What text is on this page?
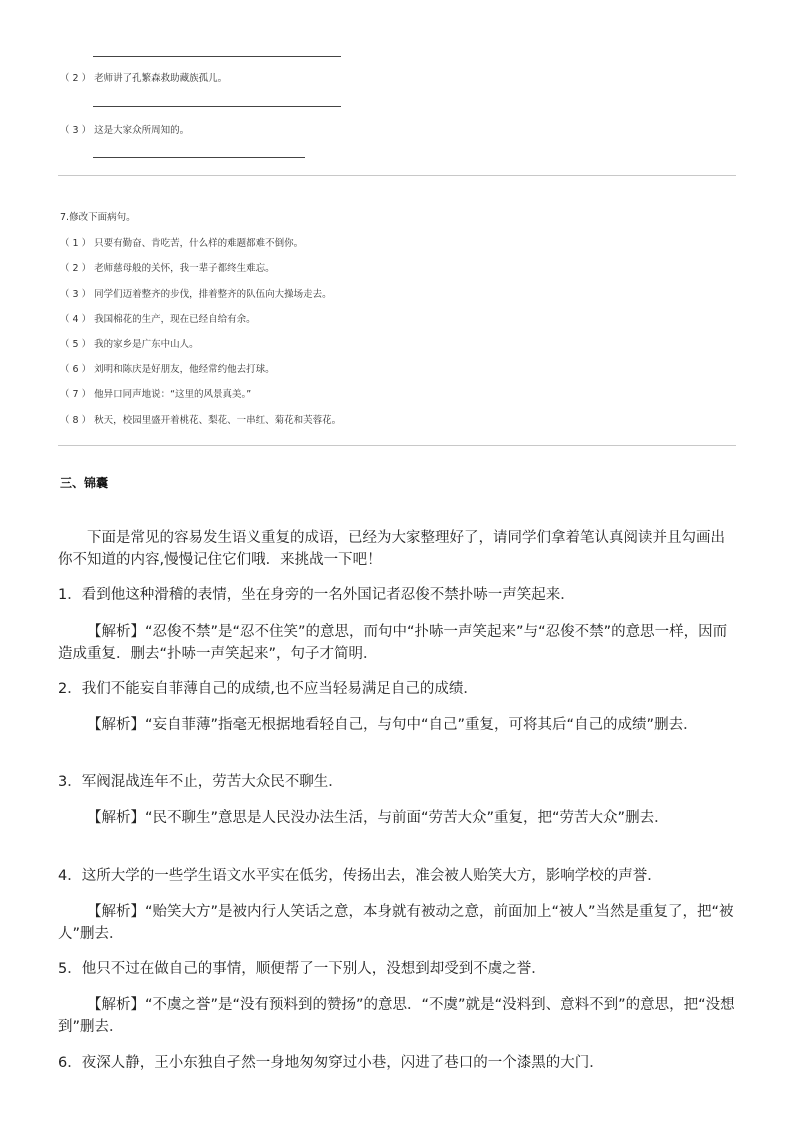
（ 2 ） 老师讲了孔繁森救助藏族孤儿。
（ 3 ） 这是大家众所周知的。
7.修改下面病句。
（ 1 ） 只要有勤奋、肯吃苦，什么样的难题都难不倒你。
（ 2 ） 老师慈母般的关怀，我一辈子都终生难忘。
（ 3 ） 同学们迈着整齐的步伐，排着整齐的队伍向大操场走去。
（ 4 ） 我国棉花的生产，现在已经自给有余。
（ 5 ） 我的家乡是广东中山人。
（ 6 ） 刘明和陈庆是好朋友，他经常约他去打球。
（ 7 ） 他异口同声地说：“这里的风景真美。”
（ 8 ） 秋天，校园里盛开着桃花、梨花、一串红、菊花和芙蓉花。
三、锦囊
下面是常见的容易发生语义重复的成语，已经为大家整理好了，请同学们拿着笔认真阅读并且勾画出你不知道的内容,慢慢记住它们哦．来挑战一下吧！
1．看到他这种滑稽的表情，坐在身旁的一名外国记者忍俊不禁扑哧一声笑起来．
【解析】“忍俊不禁”是“忍不住笑”的意思，而句中“扑哧一声笑起来”与“忍俊不禁”的意思一样，因而造成重复．删去“扑哧一声笑起来”，句子才简明．
2．我们不能妄自菲薄自己的成绩,也不应当轻易满足自己的成绩．
【解析】“妄自菲薄”指毫无根据地看轻自己，与句中“自己”重复，可将其后“自己的成绩”删去．
3．军阀混战连年不止，劳苦大众民不聊生．
【解析】“民不聊生”意思是人民没办法生活，与前面“劳苦大众”重复，把“劳苦大众”删去．
4．这所大学的一些学生语文水平实在低劣，传扬出去，准会被人贻笑大方，影响学校的声誉．
【解析】“贻笑大方”是被内行人笑话之意，本身就有被动之意，前面加上“被人”当然是重复了，把“被人”删去．
5．他只不过在做自己的事情，顺便帮了一下别人，没想到却受到不虞之誉．
【解析】“不虞之誉”是“没有预料到的赞扬”的意思．“不虞”就是“没料到、意料不到”的意思，把“没想到”删去．
6．夜深人静，王小东独自孑然一身地匆匆穿过小巷，闪进了巷口的一个漆黑的大门．
